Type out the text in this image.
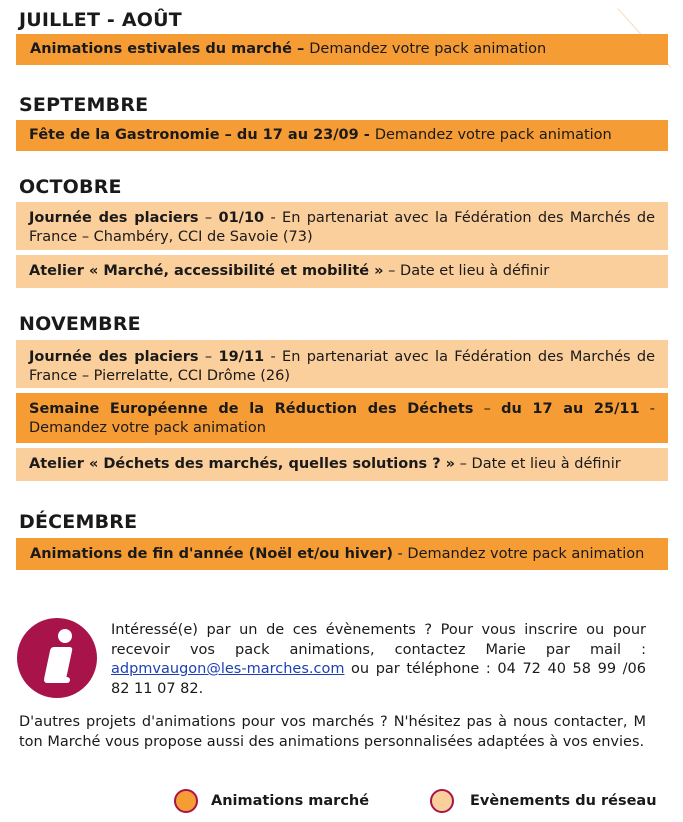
JUILLET - AOÛT
Animations estivales du marché – Demandez votre pack animation
SEPTEMBRE
Fête de la Gastronomie – du 17 au 23/09 - Demandez votre pack animation
OCTOBRE
Journée des placiers – 01/10 - En partenariat avec la Fédération des Marchés de France – Chambéry, CCI de Savoie (73)
Atelier « Marché, accessibilité et mobilité » – Date et lieu à définir
NOVEMBRE
Journée des placiers – 19/11 - En partenariat avec la Fédération des Marchés de France – Pierrelatte, CCI Drôme (26)
Semaine Européenne de la Réduction des Déchets – du 17 au 25/11 - Demandez votre pack animation
Atelier « Déchets des marchés, quelles solutions ? » – Date et lieu à définir
DÉCEMBRE
Animations de fin d'année (Noël et/ou hiver) - Demandez votre pack animation

Intéressé(e) par un de ces évènements ? Pour vous inscrire ou pour recevoir vos pack animations, contactez Marie par mail : adpmvaugon@les-marches.com ou par téléphone : 04 72 40 58 99 /06 82 11 07 82.

D'autres projets d'animations pour vos marchés ? N'hésitez pas à nous contacter, M ton Marché vous propose aussi des animations personnalisées adaptées à vos envies.

Animations marché	Evènements du réseau
